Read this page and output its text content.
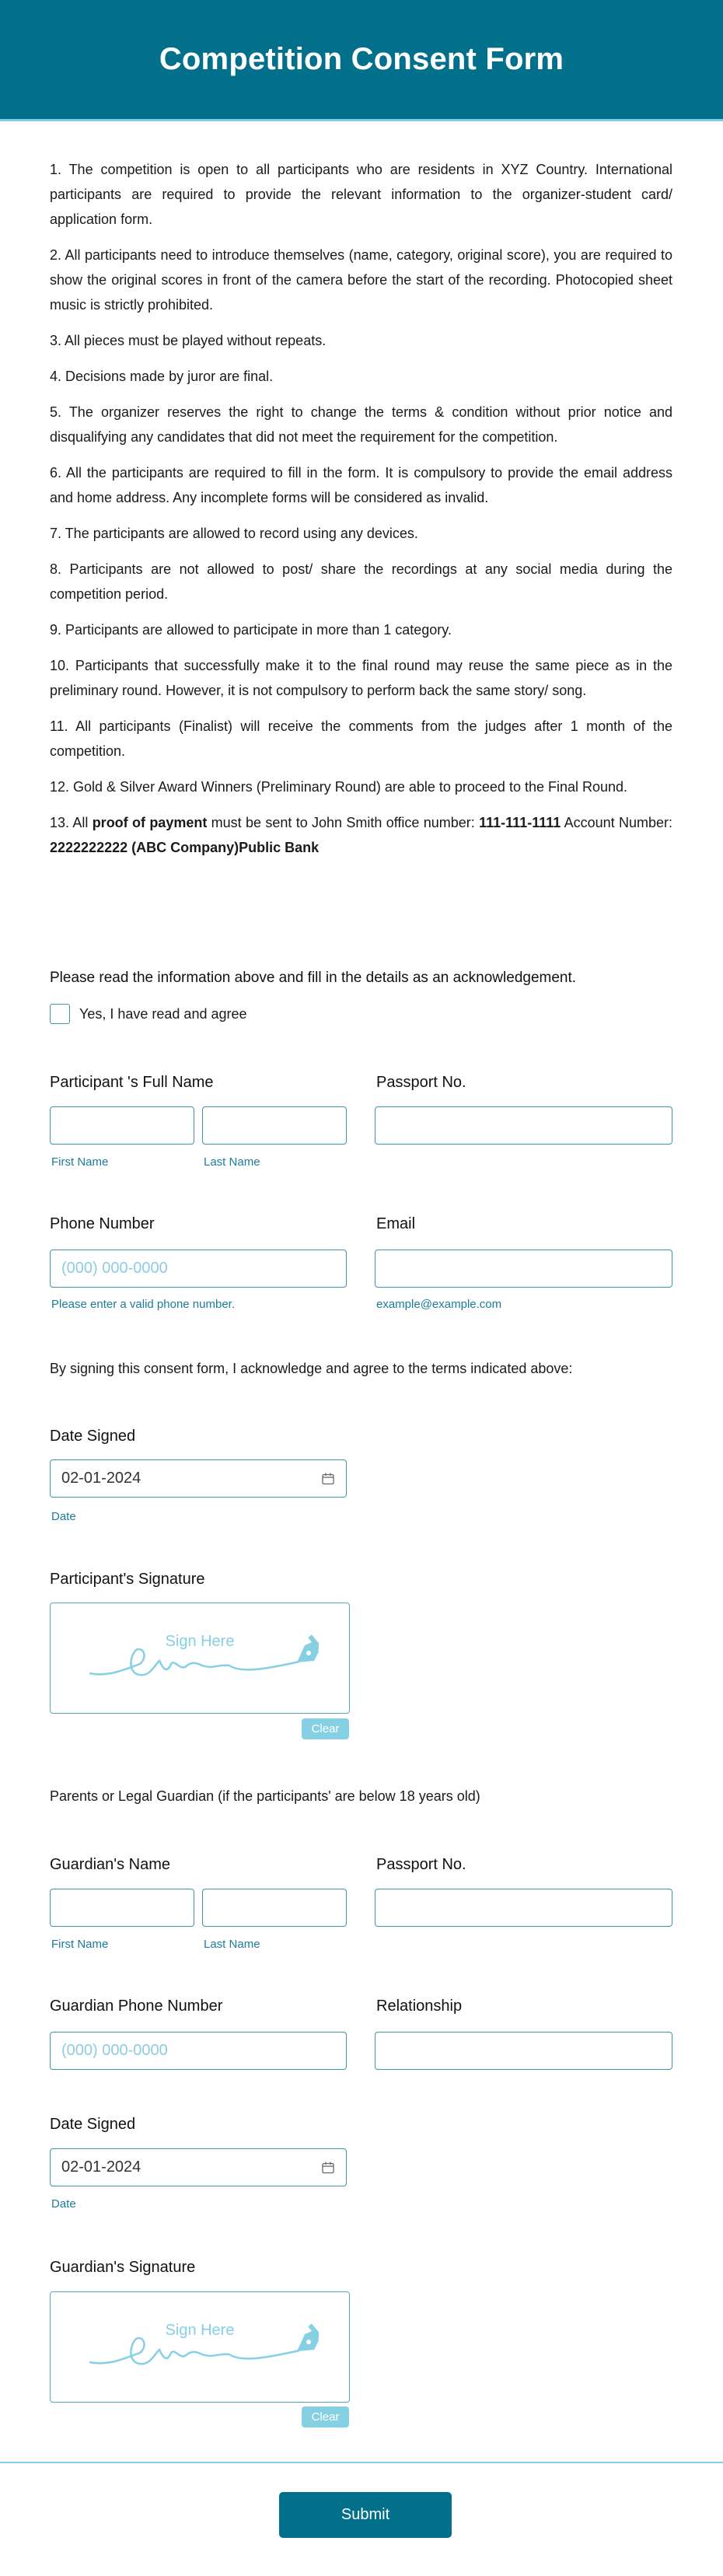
Competition Consent Form

1. The competition is open to all participants who are residents in XYZ Country. International participants are required to provide the relevant information to the organizer-student card/ application form.

2. All participants need to introduce themselves (name, category, original score), you are required to show the original scores in front of the camera before the start of the recording. Photocopied sheet music is strictly prohibited.

3. All pieces must be played without repeats.

4. Decisions made by juror are final.

5. The organizer reserves the right to change the terms & condition without prior notice and disqualifying any candidates that did not meet the requirement for the competition.

6. All the participants are required to fill in the form. It is compulsory to provide the email address and home address. Any incomplete forms will be considered as invalid.

7. The participants are allowed to record using any devices.

8. Participants are not allowed to post/ share the recordings at any social media during the competition period.

9. Participants are allowed to participate in more than 1 category.

10. Participants that successfully make it to the final round may reuse the same piece as in the preliminary round. However, it is not compulsory to perform back the same story/ song.

11. All participants (Finalist) will receive the comments from the judges after 1 month of the competition.

12. Gold & Silver Award Winners (Preliminary Round) are able to proceed to the Final Round.

13. All proof of payment must be sent to John Smith office number: 111-111-1111 Account Number: 2222222222 (ABC Company)Public Bank

Please read the information above and fill in the details as an acknowledgement.
Yes, I have read and agree
Participant 's Full Name
First Name	Last Name
Passport No.
Phone Number
(000) 000-0000
Please enter a valid phone number.
Email
example@example.com
By signing this consent form, I acknowledge and agree to the terms indicated above:
Date Signed
02-01-2024
Date
Participant's Signature
Sign Here
Clear
Parents or Legal Guardian (if the participants' are below 18 years old)
Guardian's Name
First Name	Last Name
Passport No.
Guardian Phone Number
(000) 000-0000
Relationship
Date Signed
02-01-2024
Date
Guardian's Signature
Sign Here
Clear
Submit
